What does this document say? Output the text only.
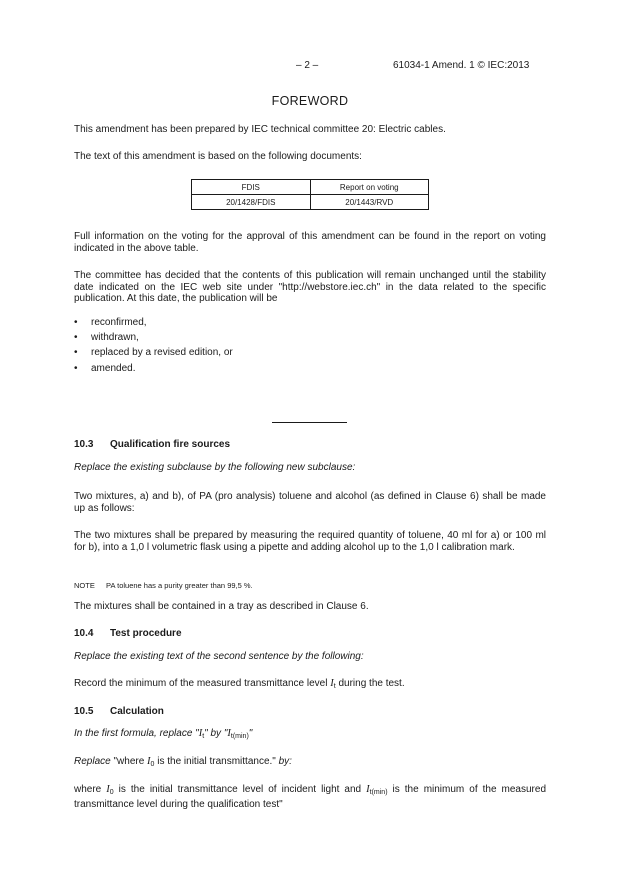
– 2 –	61034-1 Amend. 1 © IEC:2013
FOREWORD
This amendment has been prepared by IEC technical committee 20: Electric cables.
The text of this amendment is based on the following documents:
FDIS	Report on voting
20/1428/FDIS	20/1443/RVD
Full information on the voting for the approval of this amendment can be found in the report on voting indicated in the above table.
The committee has decided that the contents of this publication will remain unchanged until the stability date indicated on the IEC web site under "http://webstore.iec.ch" in the data related to the specific publication. At this date, the publication will be
• reconfirmed,
• withdrawn,
• replaced by a revised edition, or
• amended.
10.3 Qualification fire sources
Replace the existing subclause by the following new subclause:
Two mixtures, a) and b), of PA (pro analysis) toluene and alcohol (as defined in Clause 6) shall be made up as follows:
The two mixtures shall be prepared by measuring the required quantity of toluene, 40 ml for a) or 100 ml for b), into a 1,0 l volumetric flask using a pipette and adding alcohol up to the 1,0 l calibration mark.
NOTE PA toluene has a purity greater than 99,5 %.
The mixtures shall be contained in a tray as described in Clause 6.
10.4 Test procedure
Replace the existing text of the second sentence by the following:
Record the minimum of the measured transmittance level $I_t$ during the test.
10.5 Calculation
In the first formula, replace "$I_t$" by "$I_{t(min)}$"
Replace "where $I_0$ is the initial transmittance." by:
where $I_0$ is the initial transmittance level of incident light and $I_{t(min)}$ is the minimum of the measured transmittance level during the qualification test"
